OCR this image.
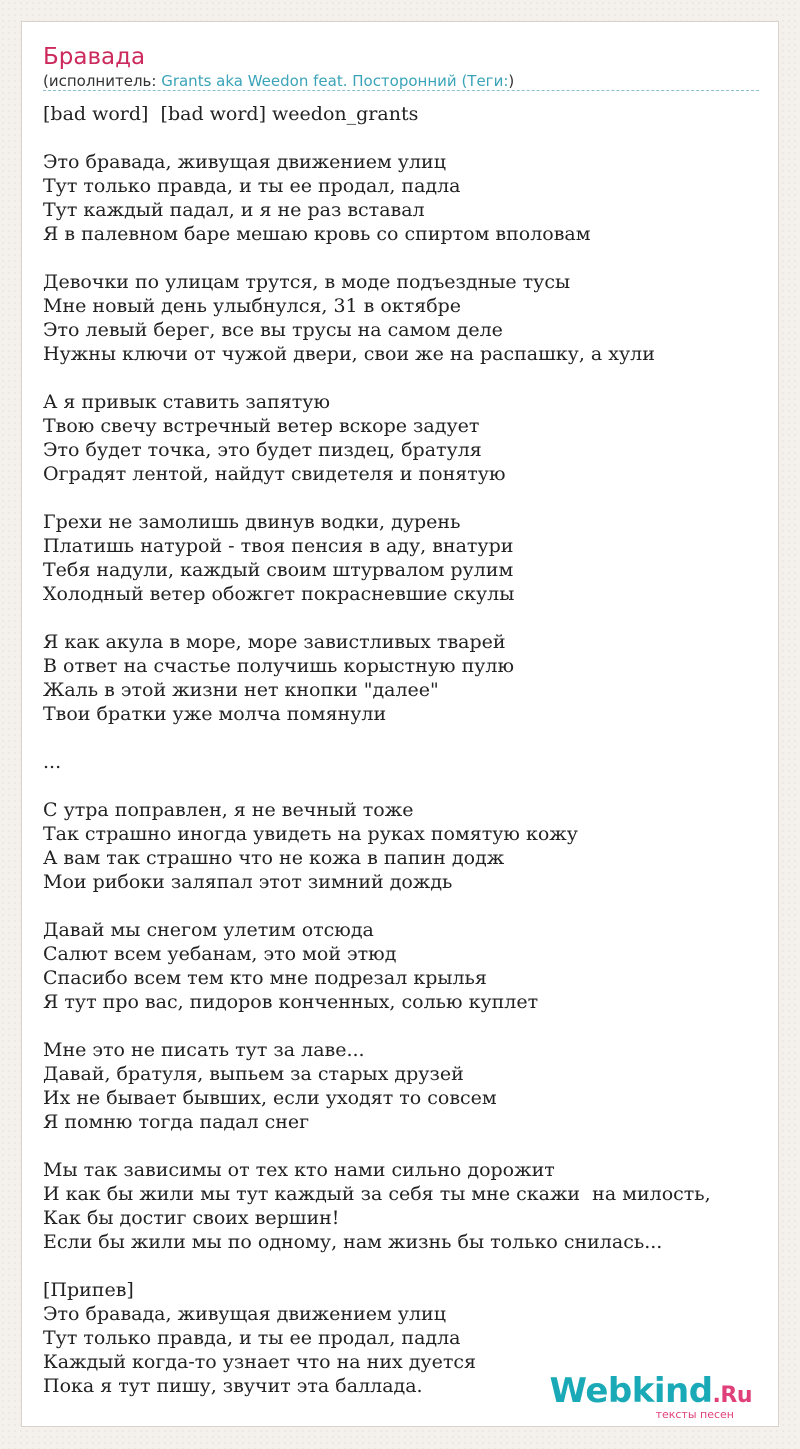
Бравада
(исполнитель: Grants aka Weedon feat. Посторонний (Теги:)
[bad word]  [bad word] weedon_grants
Это бравада, живущая движением улиц
Тут только правда, и ты ее продал, падла
Тут каждый падал, и я не раз вставал
Я в палевном баре мешаю кровь со спиртом вполовам
Девочки по улицам трутся, в моде подъездные тусы
Мне новый день улыбнулся, 31 в октябре
Это левый берег, все вы трусы на самом деле
Нужны ключи от чужой двери, свои же на распашку, а хули
А я привык ставить запятую
Твою свечу встречный ветер вскоре задует
Это будет точка, это будет пиздец, братуля
Оградят лентой, найдут свидетеля и понятую
Грехи не замолишь двинув водки, дурень
Платишь натурой - твоя пенсия в аду, внатури
Тебя надули, каждый своим штурвалом рулим
Холодный ветер обожгет покрасневшие скулы
Я как акула в море, море завистливых тварей
В ответ на счастье получишь корыстную пулю
Жаль в этой жизни нет кнопки "далее"
Твои братки уже молча помянули
...
С утра поправлен, я не вечный тоже
Так страшно иногда увидеть на руках помятую кожу
А вам так страшно что не кожа в папин додж
Мои рибоки заляпал этот зимний дождь
Давай мы снегом улетим отсюда
Салют всем уебанам, это мой этюд
Спасибо всем тем кто мне подрезал крылья
Я тут про вас, пидоров конченных, солью куплет
Мне это не писать тут за лаве...
Давай, братуля, выпьем за старых друзей
Их не бывает бывших, если уходят то совсем
Я помню тогда падал снег
Мы так зависимы от тех кто нами сильно дорожит
И как бы жили мы тут каждый за себя ты мне скажи  на милость,
Как бы достиг своих вершин!
Если бы жили мы по одному, нам жизнь бы только снилась...
[Припев]
Это бравада, живущая движением улиц
Тут только правда, и ты ее продал, падла
Каждый когда-то узнает что на них дуется
Пока я тут пишу, звучит эта баллада.	Webkind.Ru
тексты песен
